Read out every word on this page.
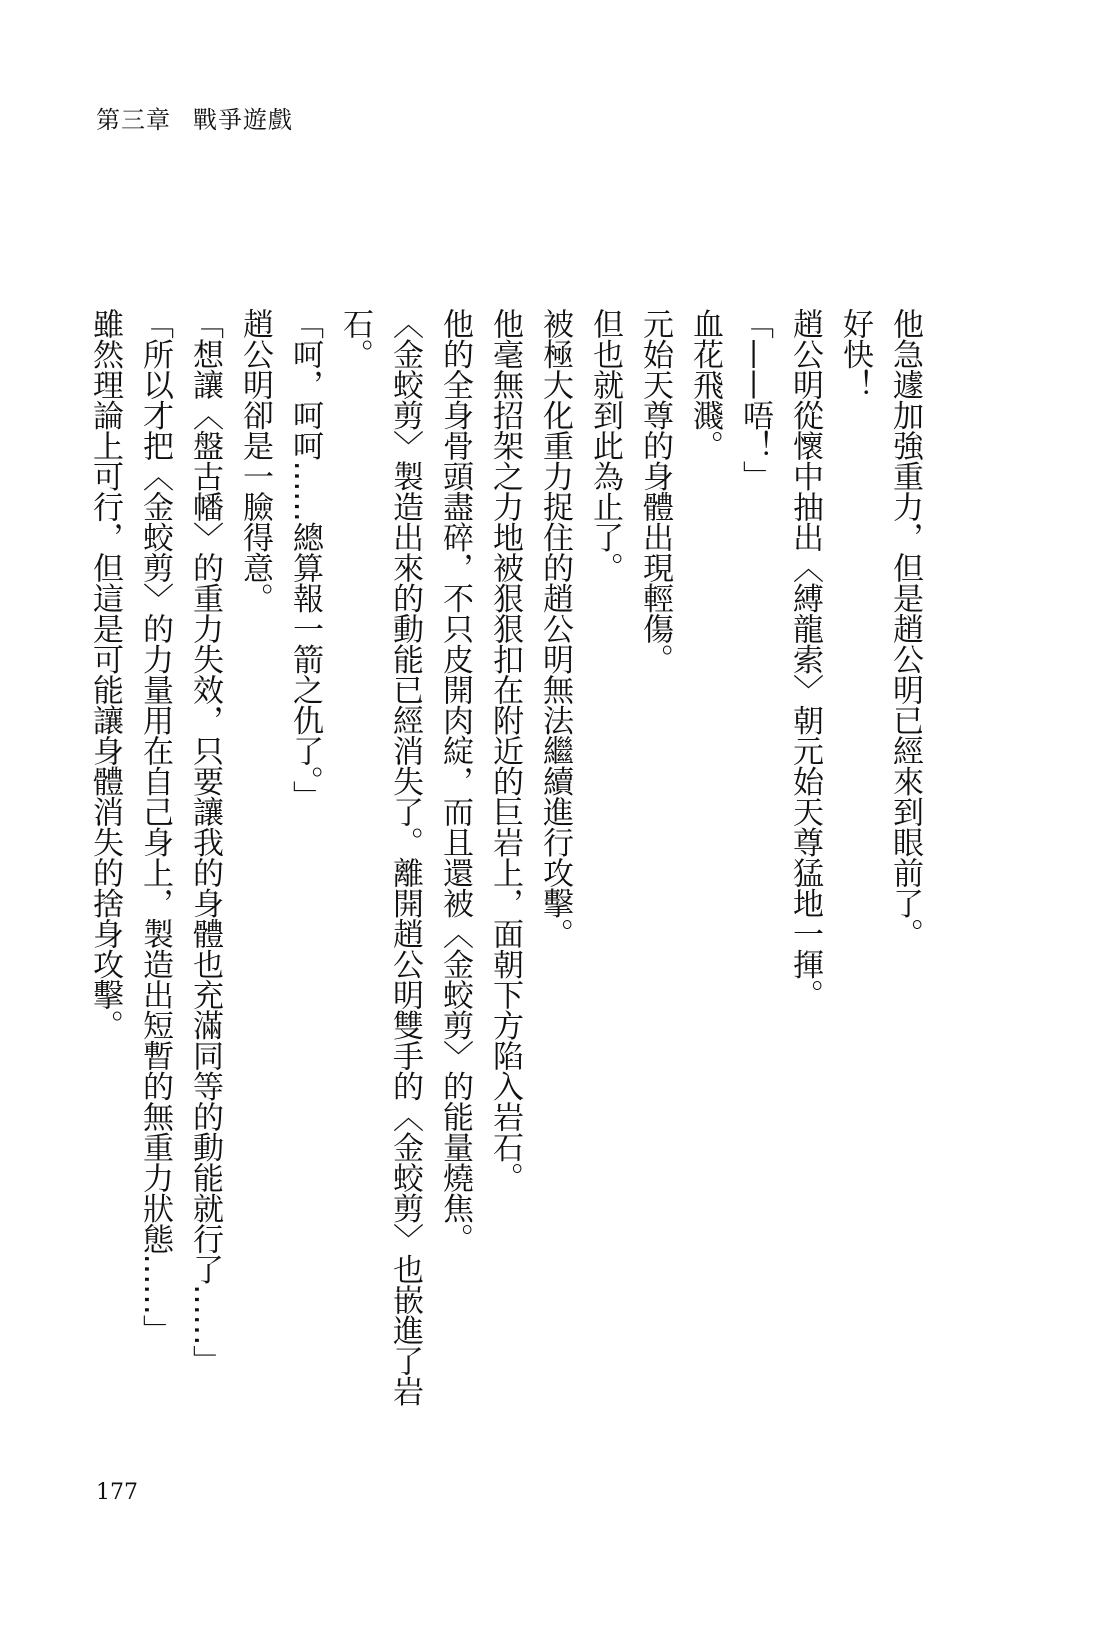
第三章 戰爭遊戲

他急遽加強重力，但是趙公明已經來到眼前了。

好快！

趙公明從懷中抽出〈縛龍索〉朝元始天尊猛地一揮。

「——唔！」

血花飛濺。

元始天尊的身體出現輕傷。

但也就到此為止了。

被極大化重力捉住的趙公明無法繼續進行攻擊。

他毫無招架之力地被狠狠扣在附近的巨岩上，面朝下方陷入岩石。

他的全身骨頭盡碎，不只皮開肉綻，而且還被〈金蛟剪〉的能量燒焦。

〈金蛟剪〉製造出來的動能已經消失了。離開趙公明雙手的〈金蛟剪〉也嵌進了岩石。

「呵，呵呵……總算報一箭之仇了。」

趙公明卻是一臉得意。

「想讓〈盤古幡〉的重力失效，只要讓我的身體也充滿同等的動能就行了……」

「所以才把〈金蛟剪〉的力量用在自己身上，製造出短暫的無重力狀態……」

雖然理論上可行，但這是可能讓身體消失的捨身攻擊。

177
